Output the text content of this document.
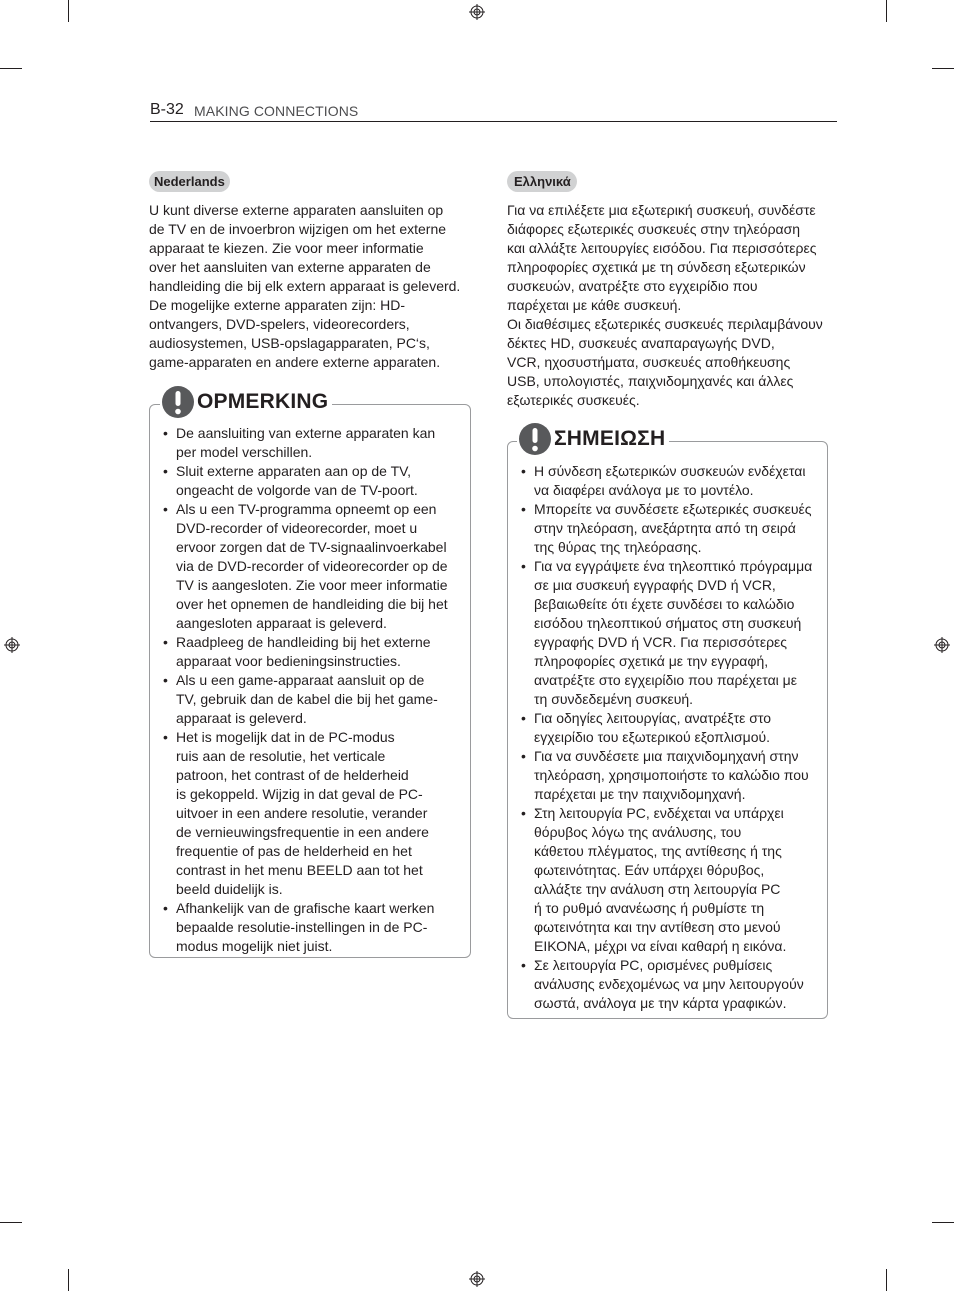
B-32 MAKING CONNECTIONS
Nederlands
U kunt diverse externe apparaten aansluiten op
de TV en de invoerbron wijzigen om het externe
apparaat te kiezen. Zie voor meer informatie
over het aansluiten van externe apparaten de
handleiding die bij elk extern apparaat is geleverd.
De mogelijke externe apparaten zijn: HD-
ontvangers, DVD-spelers, videorecorders,
audiosystemen, USB-opslagapparaten, PC‘s,
game-apparaten en andere externe apparaten.
• De aansluiting van externe apparaten kan
per model verschillen.
• Sluit externe apparaten aan op de TV,
ongeacht de volgorde van de TV-poort.
• Als u een TV-programma opneemt op een
DVD-recorder of videorecorder, moet u
ervoor zorgen dat de TV-signaalinvoerkabel
via de DVD-recorder of videorecorder op de
TV is aangesloten. Zie voor meer informatie
over het opnemen de handleiding die bij het
aangesloten apparaat is geleverd.
• Raadpleeg de handleiding bij het externe
apparaat voor bedieningsinstructies.
• Als u een game-apparaat aansluit op de
TV, gebruik dan de kabel die bij het game-
apparaat is geleverd.
• Het is mogelijk dat in de PC-modus
ruis aan de resolutie, het verticale
patroon, het contrast of de helderheid
is gekoppeld. Wijzig in dat geval de PC-
uitvoer in een andere resolutie, verander
de vernieuwingsfrequentie in een andere
frequentie of pas de helderheid en het
contrast in het menu BEELD aan tot het
beeld duidelijk is.
• Afhankelijk van de grafische kaart werken
bepaalde resolutie-instellingen in de PC-
modus mogelijk niet juist.
OPMERKING
Ελληνικά
Για να επιλέξετε μια εξωτερική συσκευή, συνδέστε
διάφορες εξωτερικές συσκευές στην τηλεόραση
και αλλάξτε λειτουργίες εισόδου. Για περισσότερες
πληροφορίες σχετικά με τη σύνδεση εξωτερικών
συσκευών, ανατρέξτε στο εγχειρίδιο που
παρέχεται με κάθε συσκευή.
Οι διαθέσιμες εξωτερικές συσκευές περιλαμβάνουν
δέκτες HD, συσκευές αναπαραγωγής DVD,
VCR, ηχοσυστήματα, συσκευές αποθήκευσης
USB, υπολογιστές, παιχνιδομηχανές και άλλες
εξωτερικές συσκευές.
• Η σύνδεση εξωτερικών συσκευών ενδέχεται
να διαφέρει ανάλογα με το μοντέλο.
• Μπορείτε να συνδέσετε εξωτερικές συσκευές
στην τηλεόραση, ανεξάρτητα από τη σειρά
της θύρας της τηλεόρασης.
• Για να εγγράψετε ένα τηλεοπτικό πρόγραμμα
σε μια συσκευή εγγραφής DVD ή VCR,
βεβαιωθείτε ότι έχετε συνδέσει το καλώδιο
εισόδου τηλεοπτικού σήματος στη συσκευή
εγγραφής DVD ή VCR. Για περισσότερες
πληροφορίες σχετικά με την εγγραφή,
ανατρέξτε στο εγχειρίδιο που παρέχεται με
τη συνδεδεμένη συσκευή.
• Για οδηγίες λειτουργίας, ανατρέξτε στο
εγχειρίδιο του εξωτερικού εξοπλισμού.
• Για να συνδέσετε μια παιχνιδομηχανή στην
τηλεόραση, χρησιμοποιήστε το καλώδιο που
παρέχεται με την παιχνιδομηχανή.
• Στη λειτουργία PC, ενδέχεται να υπάρχει
θόρυβος λόγω της ανάλυσης, του
κάθετου πλέγματος, της αντίθεσης ή της
φωτεινότητας. Εάν υπάρχει θόρυβος,
αλλάξτε την ανάλυση στη λειτουργία PC
ή το ρυθμό ανανέωσης ή ρυθμίστε τη
φωτεινότητα και την αντίθεση στο μενού
ΕΙΚΟΝΑ, μέχρι να είναι καθαρή η εικόνα.
• Σε λειτουργία PC, ορισμένες ρυθμίσεις
ανάλυσης ενδεχομένως να μην λειτουργούν
σωστά, ανάλογα με την κάρτα γραφικών.
ΣΗΜΕΙΩΣΗ
